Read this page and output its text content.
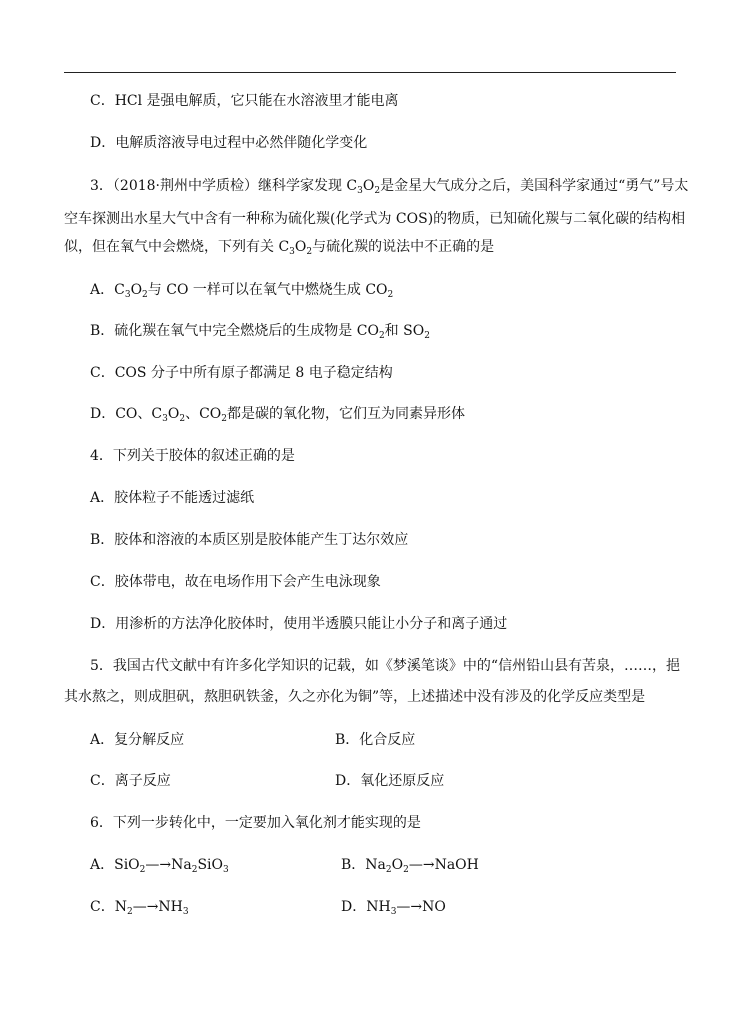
C．HCl 是强电解质，它只能在水溶液里才能电离
D．电解质溶液导电过程中必然伴随化学变化
3．（2018·荆州中学质检）继科学家发现 $C_3O_2$是金星大气成分之后，美国科学家通过“勇气”号太
空车探测出水星大气中含有一种称为硫化羰(化学式为 COS)的物质，已知硫化羰与二氧化碳的结构相
似，但在氧气中会燃烧，下列有关 $C_3O_2$与硫化羰的说法中不正确的是
A．$C_3O_2$与 CO 一样可以在氧气中燃烧生成 $CO_2$
B．硫化羰在氧气中完全燃烧后的生成物是 $CO_2$和 $SO_2$
C．COS 分子中所有原子都满足 8 电子稳定结构
D．CO、$C_3O_2$、$CO_2$都是碳的氧化物，它们互为同素异形体
4．下列关于胶体的叙述正确的是
A．胶体粒子不能透过滤纸
B．胶体和溶液的本质区别是胶体能产生丁达尔效应
C．胶体带电，故在电场作用下会产生电泳现象
D．用渗析的方法净化胶体时，使用半透膜只能让小分子和离子通过
5．我国古代文献中有许多化学知识的记载，如《梦溪笔谈》中的“信州铅山县有苦泉，……，挹
其水熬之，则成胆矾，熬胆矾铁釜，久之亦化为铜”等，上述描述中没有涉及的化学反应类型是
A．复分解反应	B．化合反应
C．离子反应	D．氧化还原反应
6．下列一步转化中，一定要加入氧化剂才能实现的是
A．$SiO_2—\to Na_2SiO_3$	B．$Na_2O_2—\to NaOH$
C．$N_2—\to NH_3$	D．$NH_3—\to NO$
